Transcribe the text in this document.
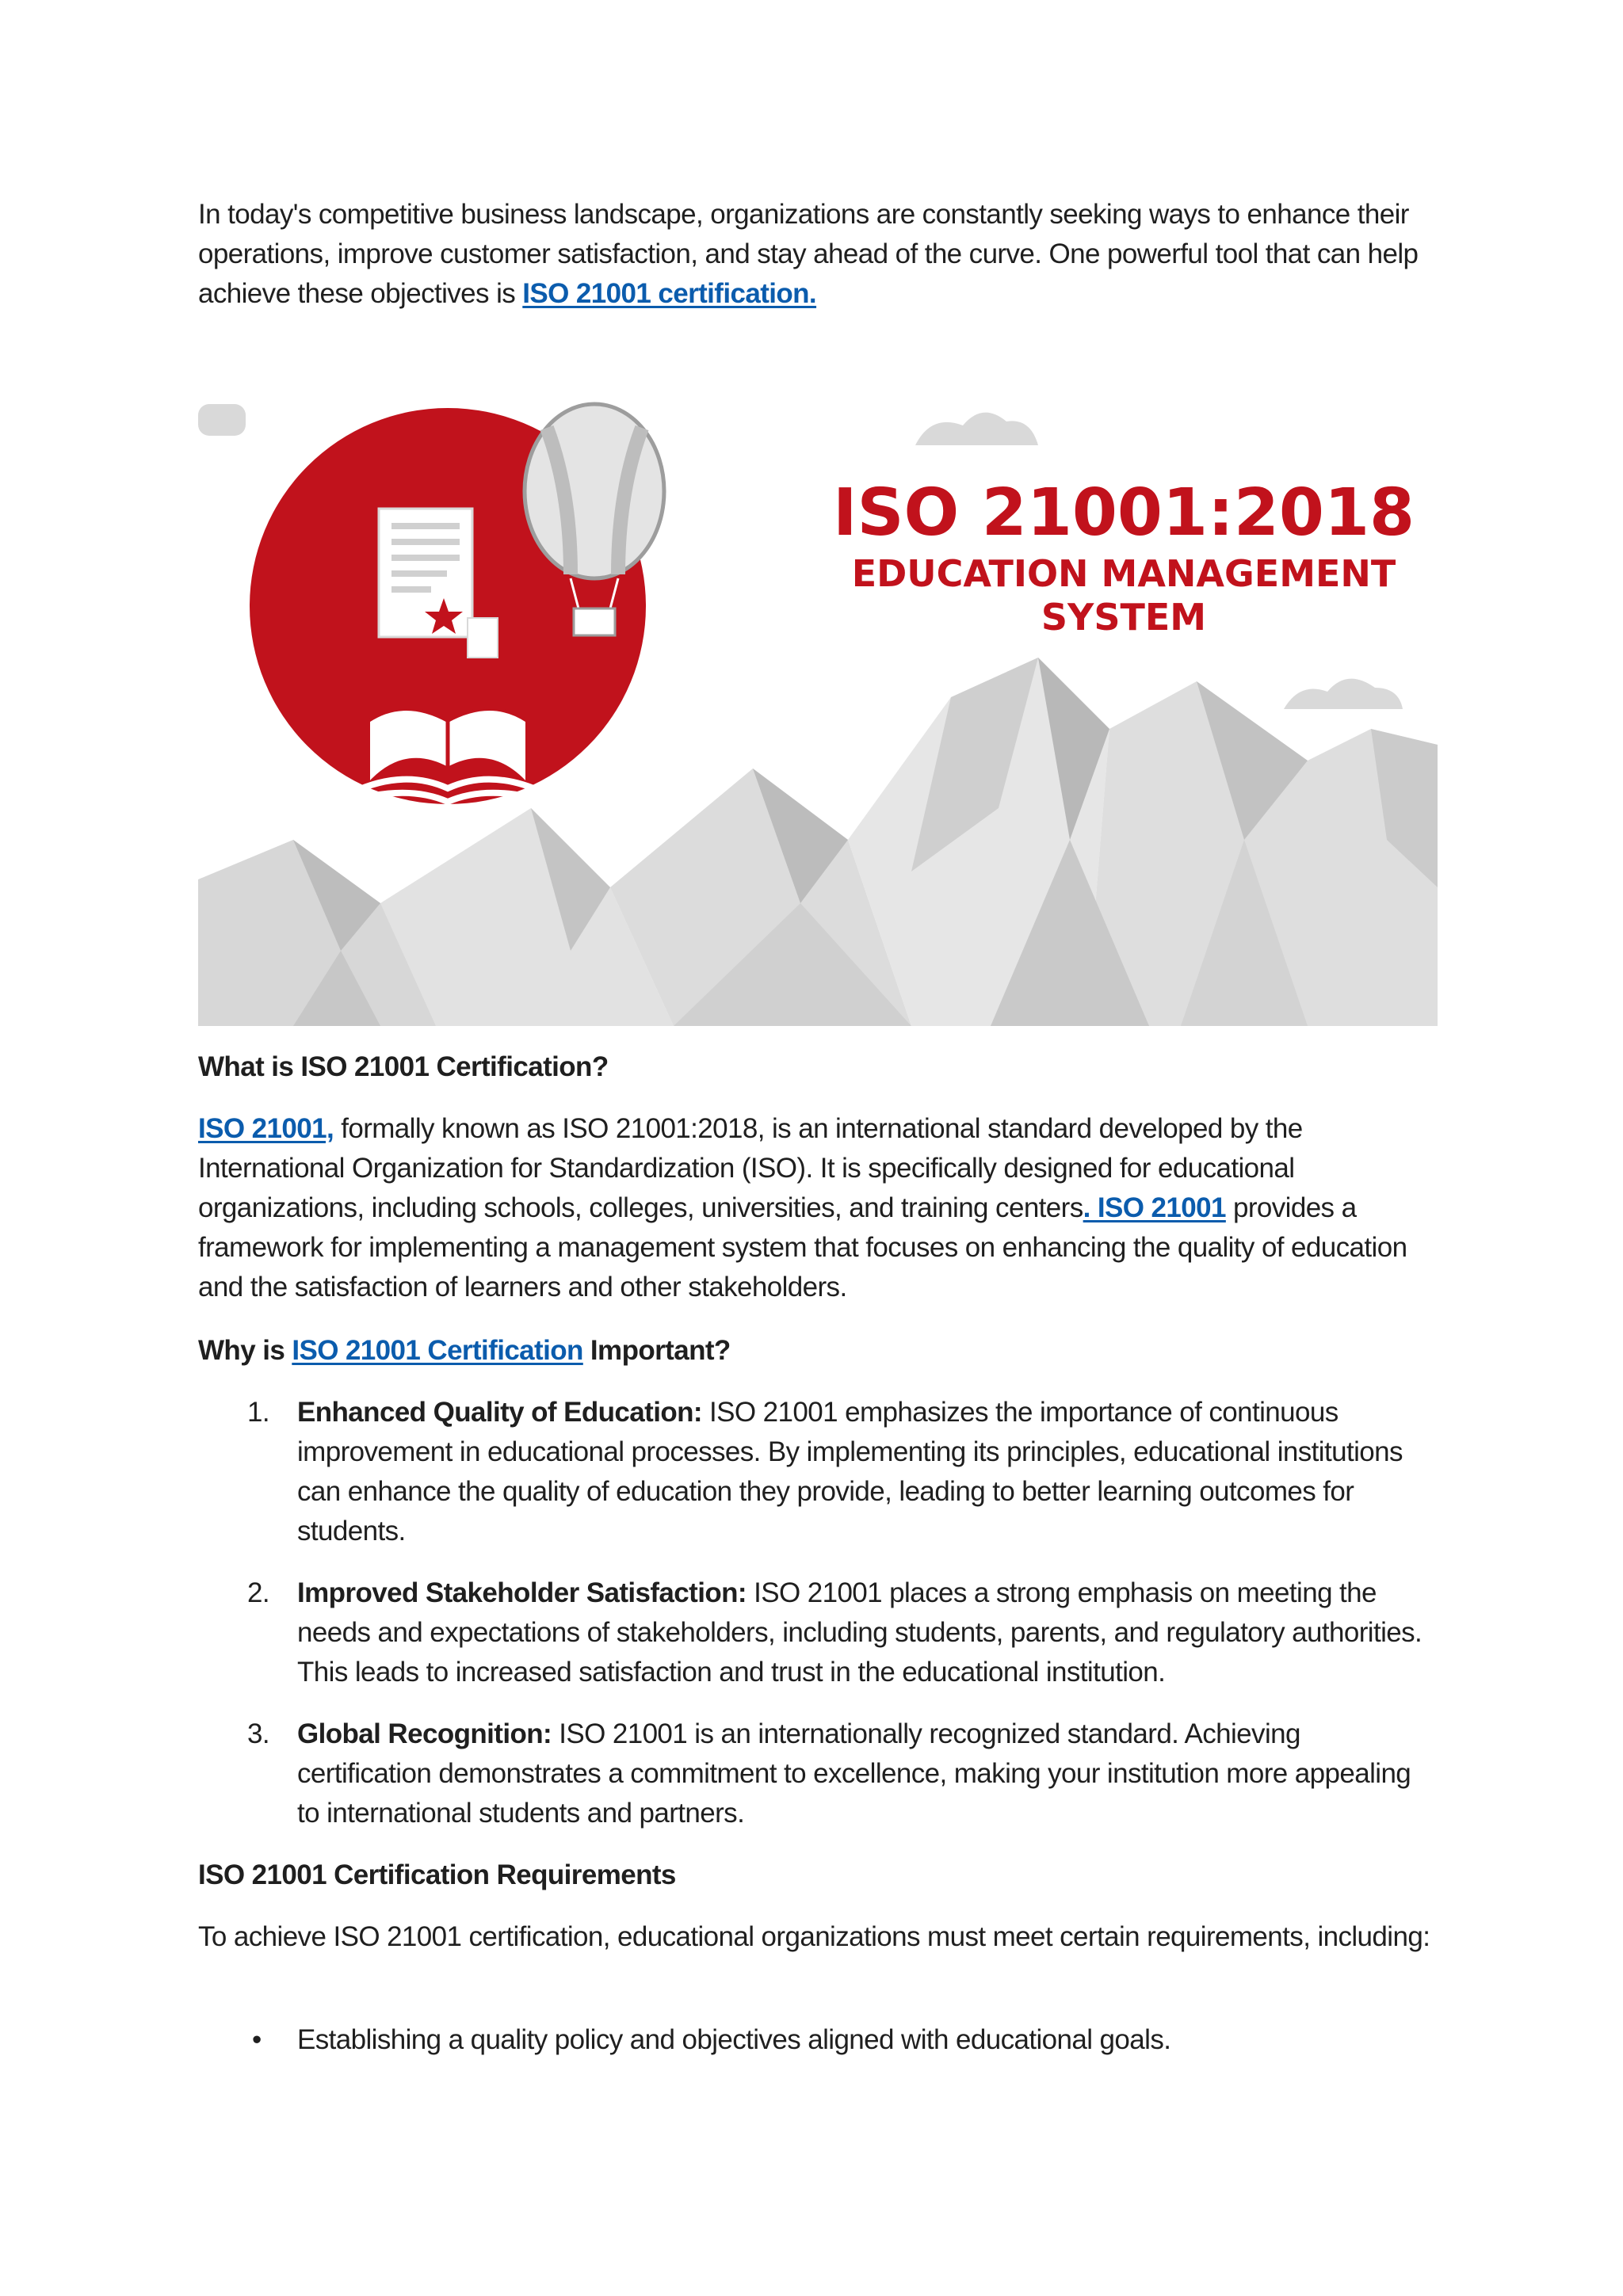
In today's competitive business landscape, organizations are constantly seeking ways to enhance their operations, improve customer satisfaction, and stay ahead of the curve. One powerful tool that can help achieve these objectives is ISO 21001 certification.

ISO 21001:2018
EDUCATION MANAGEMENT
SYSTEM
What is ISO 21001 Certification?

ISO 21001, formally known as ISO 21001:2018, is an international standard developed by the International Organization for Standardization (ISO). It is specifically designed for educational organizations, including schools, colleges, universities, and training centers. ISO 21001 provides a framework for implementing a management system that focuses on enhancing the quality of education and the satisfaction of learners and other stakeholders.

Why is ISO 21001 Certification Important?
1. Enhanced Quality of Education: ISO 21001 emphasizes the importance of continuous improvement in educational processes. By implementing its principles, educational institutions can enhance the quality of education they provide, leading to better learning outcomes for students.
2. Improved Stakeholder Satisfaction: ISO 21001 places a strong emphasis on meeting the needs and expectations of stakeholders, including students, parents, and regulatory authorities. This leads to increased satisfaction and trust in the educational institution.
3. Global Recognition: ISO 21001 is an internationally recognized standard. Achieving certification demonstrates a commitment to excellence, making your institution more appealing to international students and partners.
ISO 21001 Certification Requirements

To achieve ISO 21001 certification, educational organizations must meet certain requirements, including:

• Establishing a quality policy and objectives aligned with educational goals.
